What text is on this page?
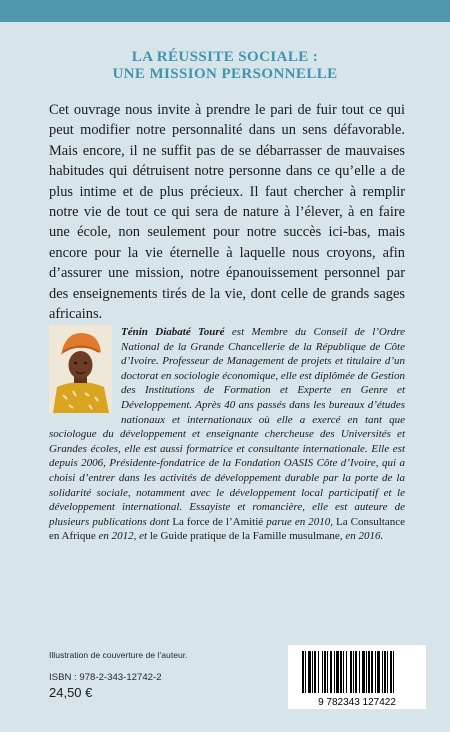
LA RÉUSSITE SOCIALE :
UNE MISSION PERSONNELLE

Cet ouvrage nous invite à prendre le pari de fuir tout ce qui peut modifier notre personnalité dans un sens défavorable. Mais encore, il ne suffit pas de se débarrasser de mauvaises habitudes qui détruisent notre personne dans ce qu’elle a de plus intime et de plus précieux. Il faut chercher à remplir notre vie de tout ce qui sera de nature à l’élever, à en faire une école, non seulement pour notre succès ici-bas, mais encore pour la vie éternelle à laquelle nous croyons, afin d’assurer une mission, notre épanouissement personnel par des enseignements tirés de la vie, dont celle de grands sages africains.

Ténin Diabaté Touré est Membre du Conseil de l’Ordre National de la Grande Chancellerie de la République de Côte d’Ivoire. Professeur de Management de projets et titulaire d’un doctorat en sociologie économique, elle est diplômée de Gestion des Institutions de Formation et Experte en Genre et Développement. Après 40 ans passés dans les bureaux d’études nationaux et internationaux où elle a exercé en tant que sociologue du développement et enseignante chercheuse des Universités et Grandes écoles, elle est aussi formatrice et consultante internationale. Elle est depuis 2006, Présidente-fondatrice de la Fondation OASIS Côte d’Ivoire, qui a choisi d’entrer dans les activités de développement durable par la porte de la solidarité sociale, notamment avec le développement local participatif et le développement international. Essayiste et romancière, elle est auteure de plusieurs publications dont La force de l’Amitié parue en 2010, La Consultance en Afrique en 2012, et le Guide pratique de la Famille musulmane, en 2016.

Illustration de couverture de l’auteur.
ISBN : 978-2-343-12742-2
24,50 €
9 782343 127422
